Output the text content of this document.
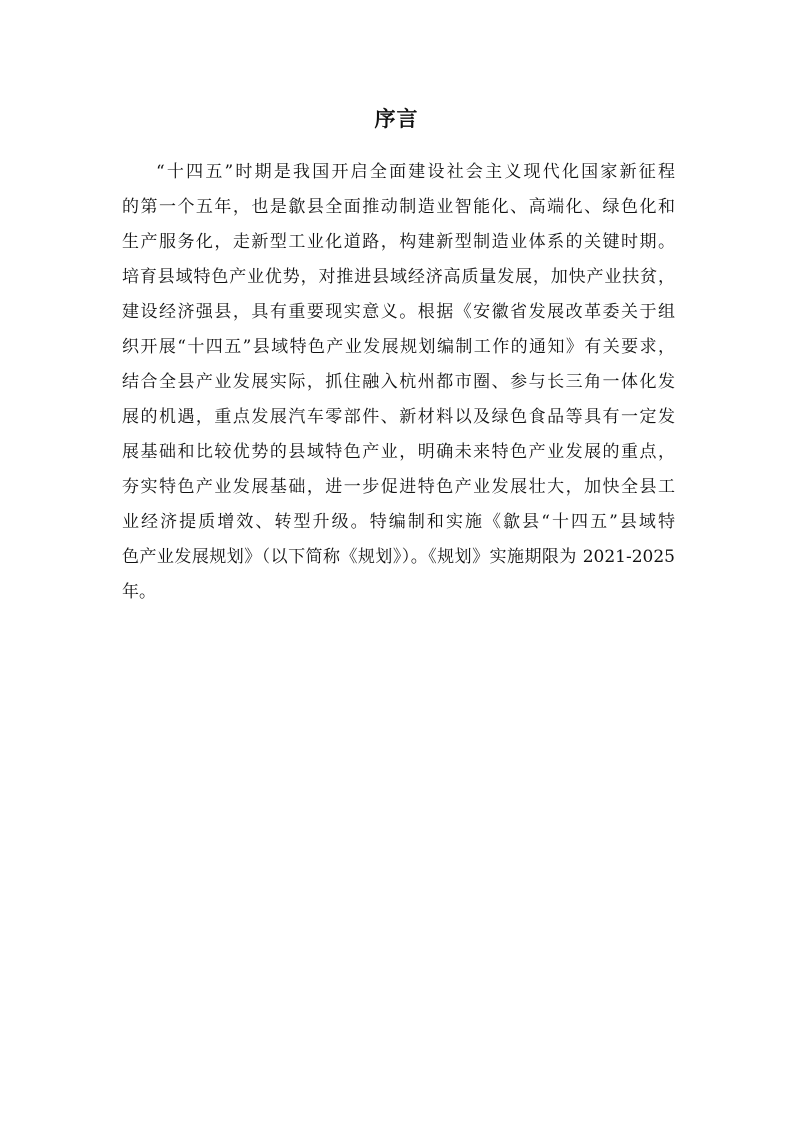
序言
“十四五”时期是我国开启全面建设社会主义现代化国家新征程
的第一个五年，也是歙县全面推动制造业智能化、高端化、绿色化和
生产服务化，走新型工业化道路，构建新型制造业体系的关键时期。
培育县域特色产业优势，对推进县域经济高质量发展，加快产业扶贫，
建设经济强县，具有重要现实意义。根据《安徽省发展改革委关于组
织开展“十四五”县域特色产业发展规划编制工作的通知》有关要求，
结合全县产业发展实际，抓住融入杭州都市圈、参与长三角一体化发
展的机遇，重点发展汽车零部件、新材料以及绿色食品等具有一定发
展基础和比较优势的县域特色产业，明确未来特色产业发展的重点，
夯实特色产业发展基础，进一步促进特色产业发展壮大，加快全县工
业经济提质增效、转型升级。特编制和实施《歙县“十四五”县域特
色产业发展规划》（以下简称《规划》）。《规划》实施期限为 2021-2025
年。
